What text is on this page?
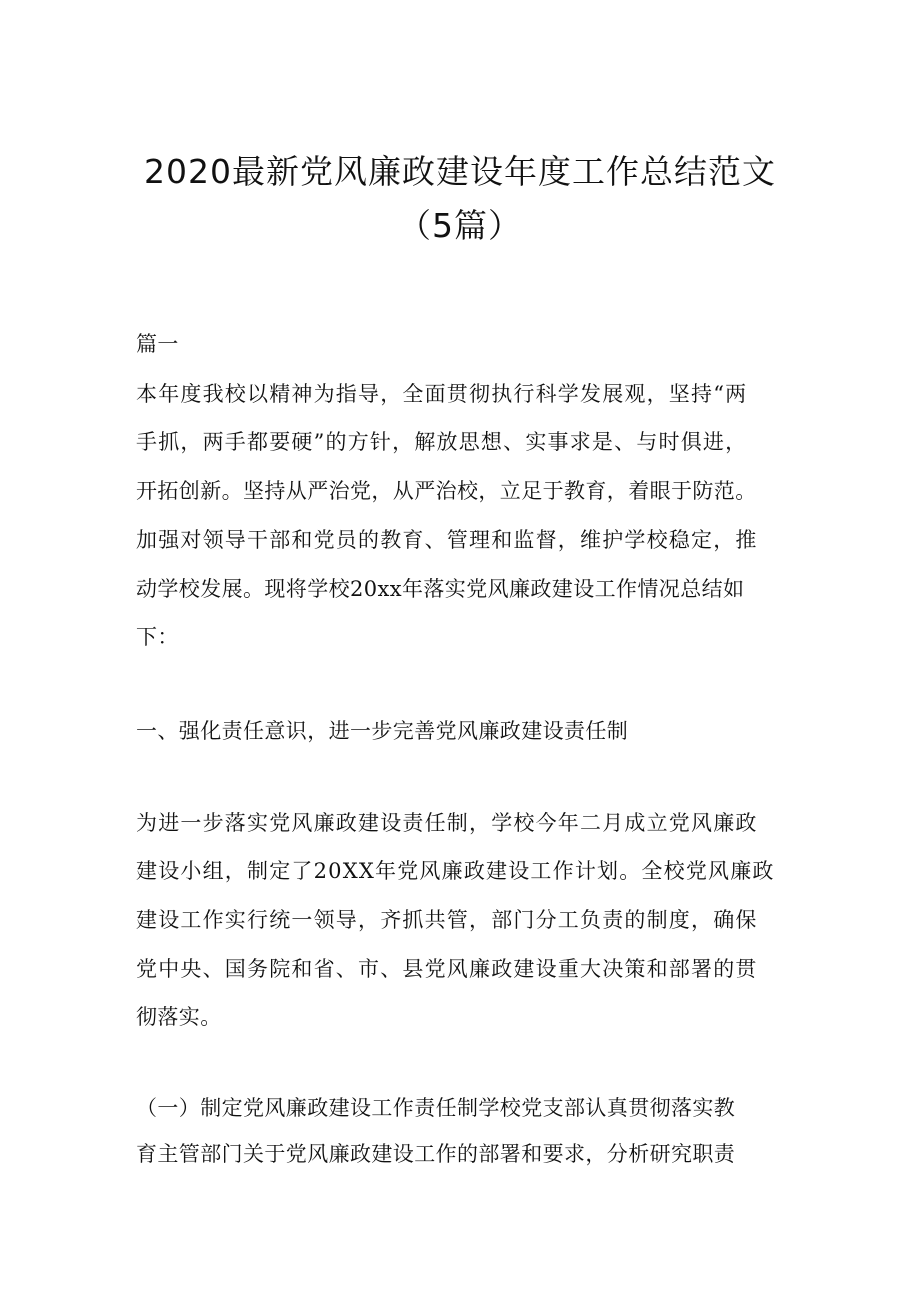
2020最新党风廉政建设年度工作总结范文
（5篇）
篇一
本年度我校以精神为指导，全面贯彻执行科学发展观，坚持“两
手抓，两手都要硬”的方针，解放思想、实事求是、与时俱进，
开拓创新。坚持从严治党，从严治校，立足于教育，着眼于防范。
加强对领导干部和党员的教育、管理和监督，维护学校稳定，推
动学校发展。现将学校20xx年落实党风廉政建设工作情况总结如
下：
一、强化责任意识，进一步完善党风廉政建设责任制
为进一步落实党风廉政建设责任制，学校今年二月成立党风廉政
建设小组，制定了20XX年党风廉政建设工作计划。全校党风廉政
建设工作实行统一领导，齐抓共管，部门分工负责的制度，确保
党中央、国务院和省、市、县党风廉政建设重大决策和部署的贯
彻落实。
（一）制定党风廉政建设工作责任制学校党支部认真贯彻落实教
育主管部门关于党风廉政建设工作的部署和要求，分析研究职责
